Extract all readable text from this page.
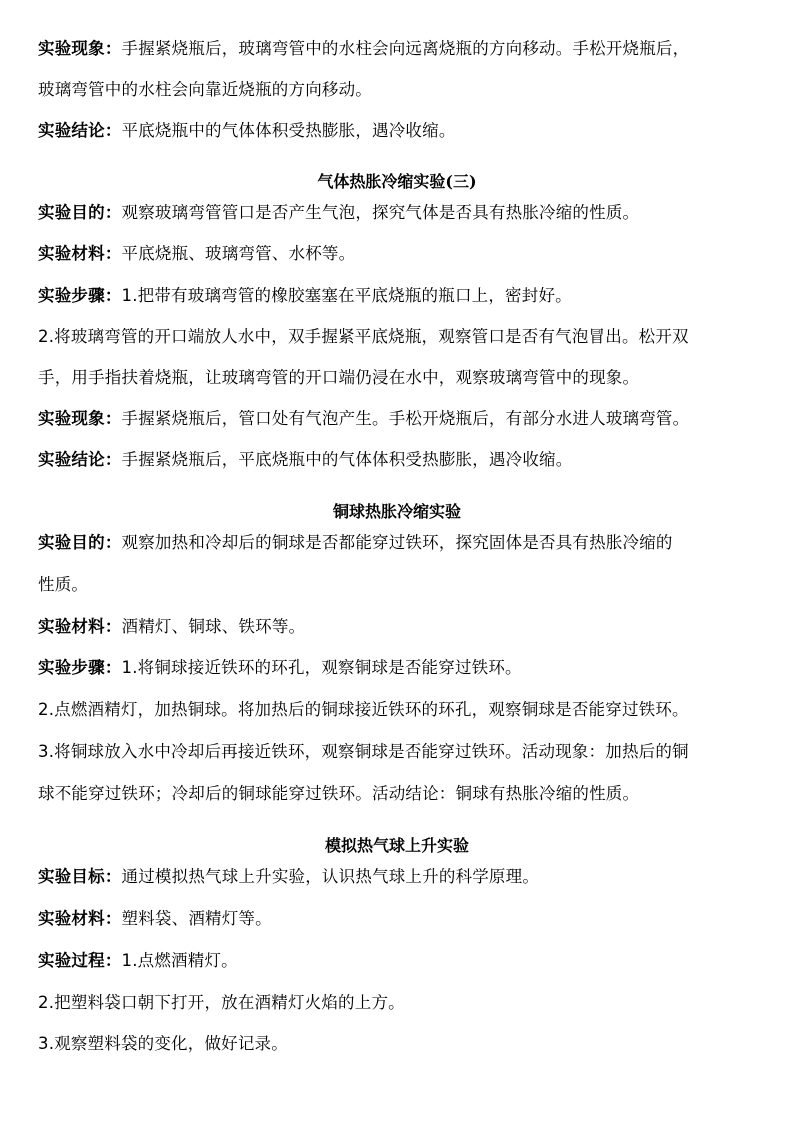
实验现象：手握紧烧瓶后，玻璃弯管中的水柱会向远离烧瓶的方向移动。手松开烧瓶后，
玻璃弯管中的水柱会向靠近烧瓶的方向移动。
实验结论：平底烧瓶中的气体体积受热膨胀，遇冷收缩。
气体热胀冷缩实验(三)
实验目的：观察玻璃弯管管口是否产生气泡，探究气体是否具有热胀冷缩的性质。
实验材料：平底烧瓶、玻璃弯管、水杯等。
实验步骤：1.把带有玻璃弯管的橡胶塞塞在平底烧瓶的瓶口上，密封好。
2.将玻璃弯管的开口端放人水中，双手握紧平底烧瓶，观察管口是否有气泡冒出。松开双
手，用手指扶着烧瓶，让玻璃弯管的开口端仍浸在水中，观察玻璃弯管中的现象。
实验现象：手握紧烧瓶后，管口处有气泡产生。手松开烧瓶后，有部分水进人玻璃弯管。
实验结论：手握紧烧瓶后，平底烧瓶中的气体体积受热膨胀，遇冷收缩。
铜球热胀冷缩实验
实验目的：观察加热和冷却后的铜球是否都能穿过铁环，探究固体是否具有热胀冷缩的
性质。
实验材料：酒精灯、铜球、铁环等。
实验步骤：1.将铜球接近铁环的环孔，观察铜球是否能穿过铁环。
2.点燃酒精灯，加热铜球。将加热后的铜球接近铁环的环孔，观察铜球是否能穿过铁环。
3.将铜球放入水中冷却后再接近铁环，观察铜球是否能穿过铁环。活动现象：加热后的铜
球不能穿过铁环；冷却后的铜球能穿过铁环。活动结论：铜球有热胀冷缩的性质。
模拟热气球上升实验
实验目标：通过模拟热气球上升实验，认识热气球上升的科学原理。
实验材料：塑料袋、酒精灯等。
实验过程：1.点燃酒精灯。
2.把塑料袋口朝下打开，放在酒精灯火焰的上方。
3.观察塑料袋的变化，做好记录。
